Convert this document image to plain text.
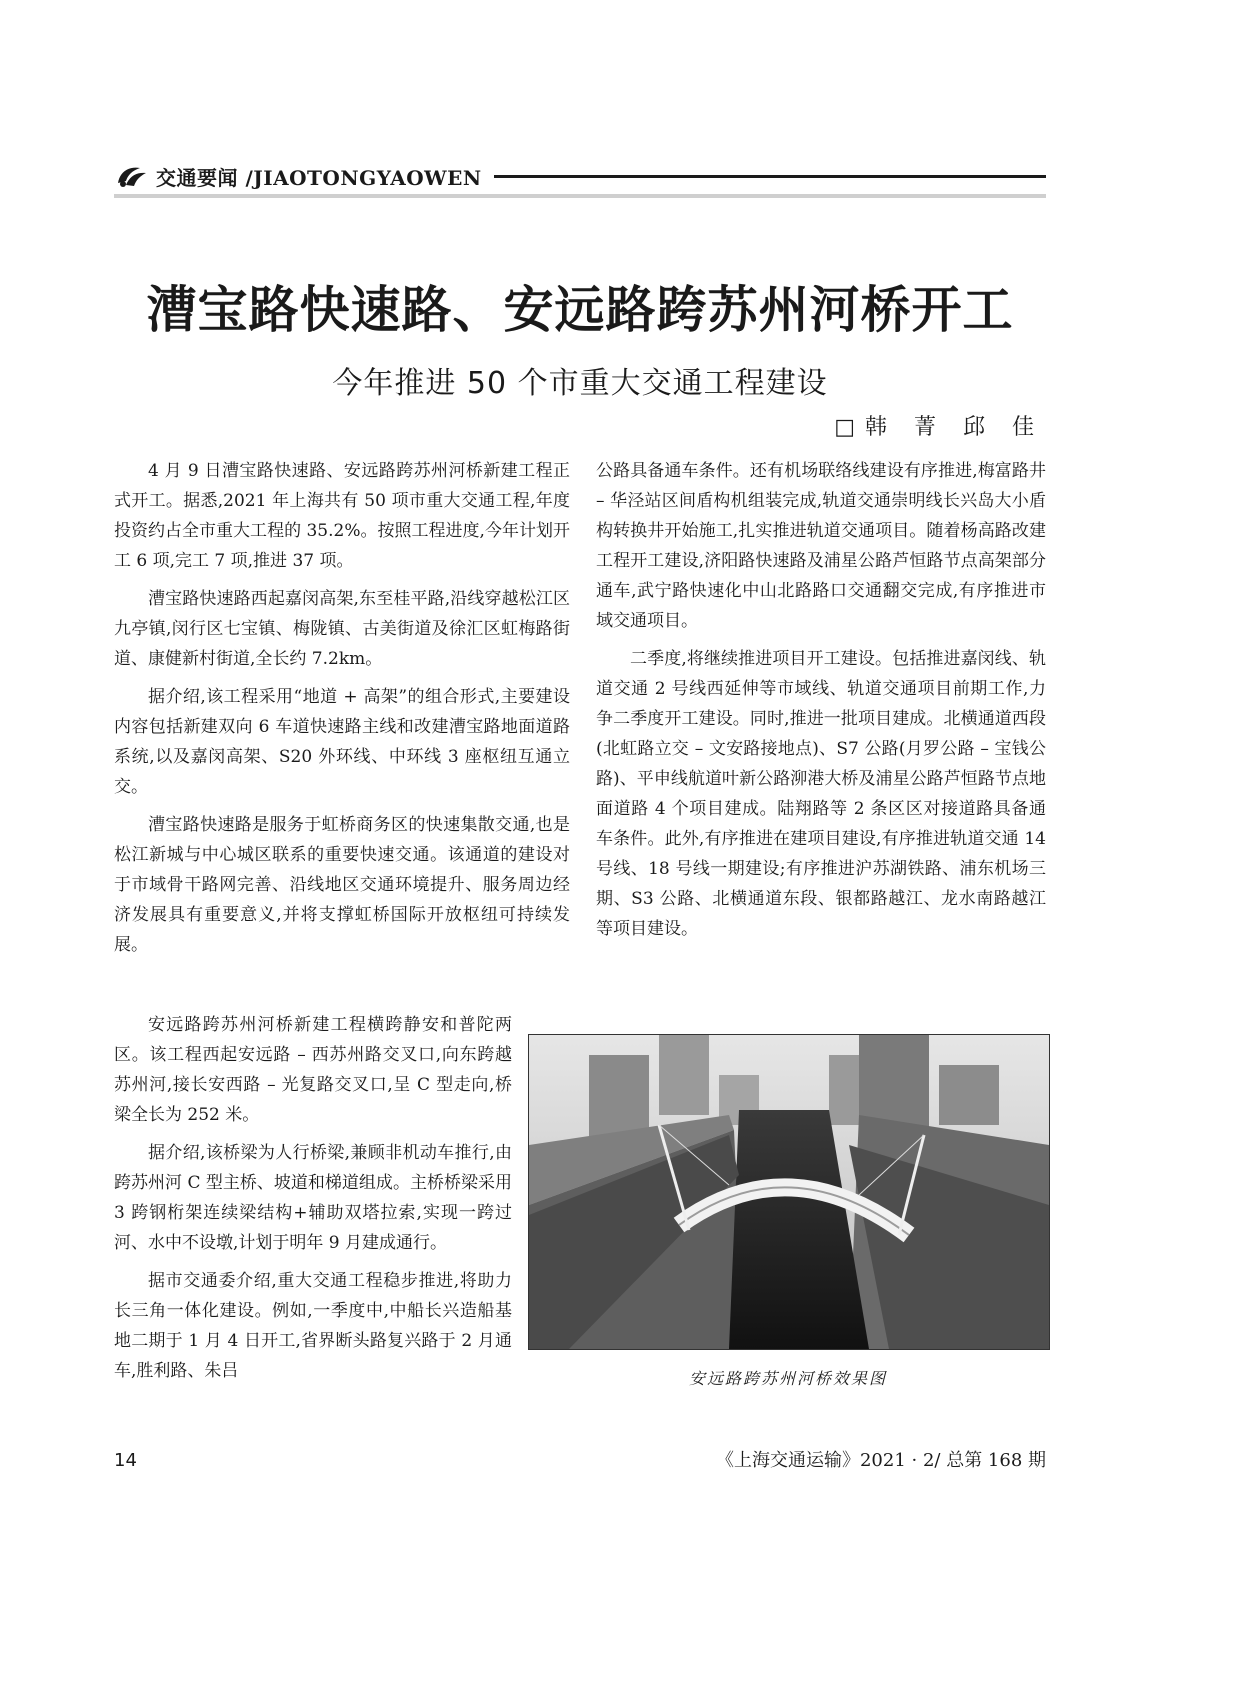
交通要闻 /JIAOTONGYAOWEN
漕宝路快速路、安远路跨苏州河桥开工
今年推进 50 个市重大交通工程建设
□韩 菁 邱 佳

4 月 9 日漕宝路快速路、安远路跨苏州河桥新建工程正式开工。据悉,2021 年上海共有 50 项市重大交通工程,年度投资约占全市重大工程的 35.2%。按照工程进度,今年计划开工 6 项,完工 7 项,推进 37 项。

漕宝路快速路西起嘉闵高架,东至桂平路,沿线穿越松江区九亭镇,闵行区七宝镇、梅陇镇、古美街道及徐汇区虹梅路街道、康健新村街道,全长约 7.2km。

据介绍,该工程采用“地道 + 高架”的组合形式,主要建设内容包括新建双向 6 车道快速路主线和改建漕宝路地面道路系统,以及嘉闵高架、S20 外环线、中环线 3 座枢纽互通立交。

漕宝路快速路是服务于虹桥商务区的快速集散交通,也是松江新城与中心城区联系的重要快速交通。该通道的建设对于市域骨干路网完善、沿线地区交通环境提升、服务周边经济发展具有重要意义,并将支撑虹桥国际开放枢纽可持续发展。

安远路跨苏州河桥新建工程横跨静安和普陀两区。该工程西起安远路 – 西苏州路交叉口,向东跨越苏州河,接长安西路 – 光复路交叉口,呈 C 型走向,桥梁全长为 252 米。

据介绍,该桥梁为人行桥梁,兼顾非机动车推行,由跨苏州河 C 型主桥、坡道和梯道组成。主桥桥梁采用 3 跨钢桁架连续梁结构+辅助双塔拉索,实现一跨过河、水中不设墩,计划于明年 9 月建成通行。

据市交通委介绍,重大交通工程稳步推进,将助力长三角一体化建设。例如,一季度中,中船长兴造船基地二期于 1 月 4 日开工,省界断头路复兴路于 2 月通车,胜利路、朱吕

公路具备通车条件。还有机场联络线建设有序推进,梅富路井 – 华泾站区间盾构机组装完成,轨道交通崇明线长兴岛大小盾构转换井开始施工,扎实推进轨道交通项目。随着杨高路改建工程开工建设,济阳路快速路及浦星公路芦恒路节点高架部分通车,武宁路快速化中山北路路口交通翻交完成,有序推进市域交通项目。

二季度,将继续推进项目开工建设。包括推进嘉闵线、轨道交通 2 号线西延伸等市域线、轨道交通项目前期工作,力争二季度开工建设。同时,推进一批项目建成。北横通道西段(北虹路立交 – 文安路接地点)、S7 公路(月罗公路 – 宝钱公路)、平申线航道叶新公路泖港大桥及浦星公路芦恒路节点地面道路 4 个项目建成。陆翔路等 2 条区区对接道路具备通车条件。此外,有序推进在建项目建设,有序推进轨道交通 14 号线、18 号线一期建设;有序推进沪苏湖铁路、浦东机场三期、S3 公路、北横通道东段、银都路越江、龙水南路越江等项目建设。

安远路跨苏州河桥效果图
14	《上海交通运输》2021 · 2/ 总第 168 期
